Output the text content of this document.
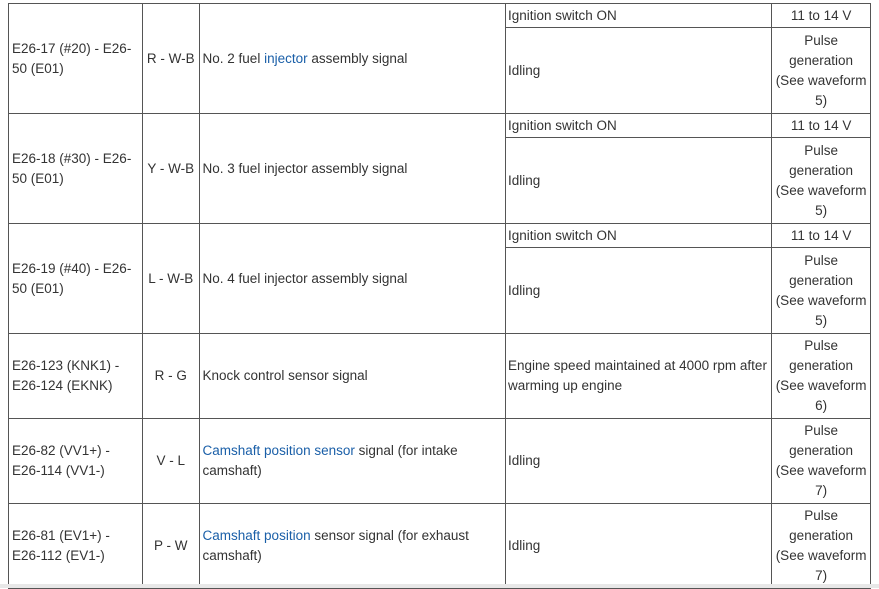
E26-17 (#20) - E26-50 (E01)	R - W-B	No. 2 fuel injector assembly signal	Ignition switch ON	11 to 14 V
			Idling	Pulse generation (See waveform 5)
E26-18 (#30) - E26-50 (E01)	Y - W-B	No. 3 fuel injector assembly signal	Ignition switch ON	11 to 14 V
			Idling	Pulse generation (See waveform 5)
E26-19 (#40) - E26-50 (E01)	L - W-B	No. 4 fuel injector assembly signal	Ignition switch ON	11 to 14 V
			Idling	Pulse generation (See waveform 5)
E26-123 (KNK1) - E26-124 (EKNK)	R - G	Knock control sensor signal	Engine speed maintained at 4000 rpm after warming up engine	Pulse generation (See waveform 6)
E26-82 (VV1+) - E26-114 (VV1-)	V - L	Camshaft position sensor signal (for intake camshaft)	Idling	Pulse generation (See waveform 7)
E26-81 (EV1+) - E26-112 (EV1-)	P - W	Camshaft position sensor signal (for exhaust camshaft)	Idling	Pulse generation (See waveform 7)
